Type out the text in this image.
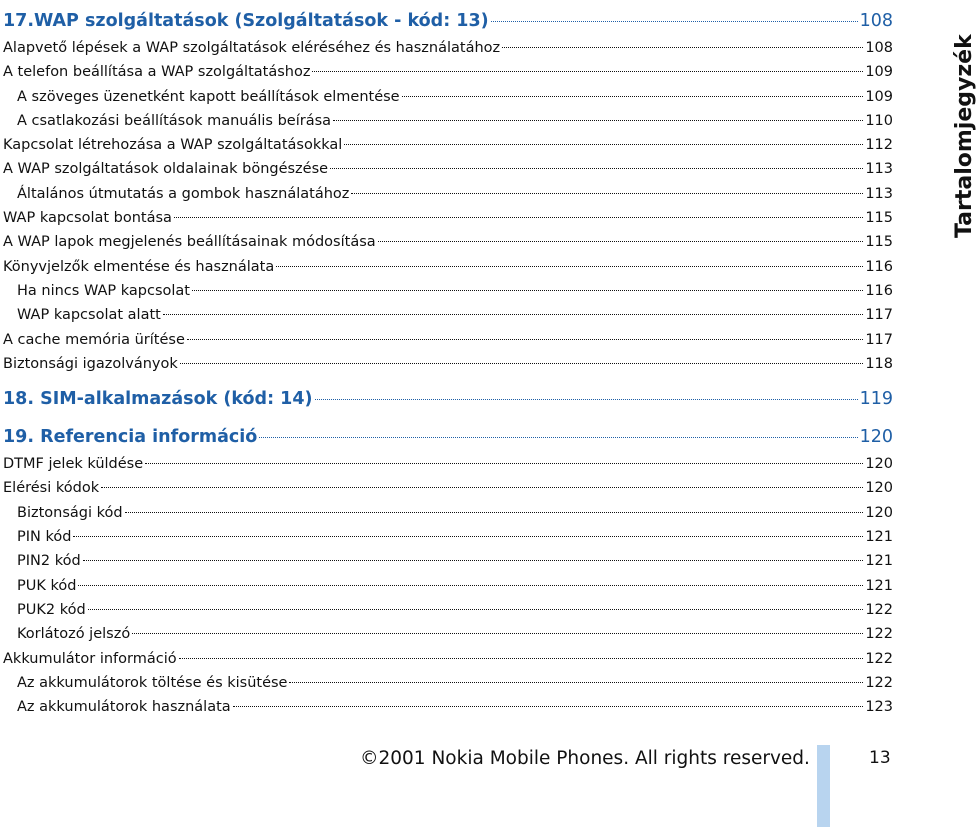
17.WAP szolgáltatások (Szolgáltatások - kód: 13)	108
Alapvető lépések a WAP szolgáltatások eléréséhez és használatához	108
A telefon beállítása a WAP szolgáltatáshoz	109
A szöveges üzenetként kapott beállítások elmentése	109
A csatlakozási beállítások manuális beírása	110
Kapcsolat létrehozása a WAP szolgáltatásokkal	112
A WAP szolgáltatások oldalainak böngészése	113
Általános útmutatás a gombok használatához	113
WAP kapcsolat bontása	115
A WAP lapok megjelenés beállításainak módosítása	115
Könyvjelzők elmentése és használata	116
Ha nincs WAP kapcsolat	116
WAP kapcsolat alatt	117
A cache memória ürítése	117
Biztonsági igazolványok	118
18. SIM-alkalmazások (kód: 14)	119
19. Referencia információ	120
DTMF jelek küldése	120
Elérési kódok	120
Biztonsági kód	120
PIN kód	121
PIN2 kód	121
PUK kód	121
PUK2 kód	122
Korlátozó jelszó	122
Akkumulátor információ	122
Az akkumulátorok töltése és kisütése	122
Az akkumulátorok használata	123
Tartalomjegyzék
©2001 Nokia Mobile Phones. All rights reserved.	13
